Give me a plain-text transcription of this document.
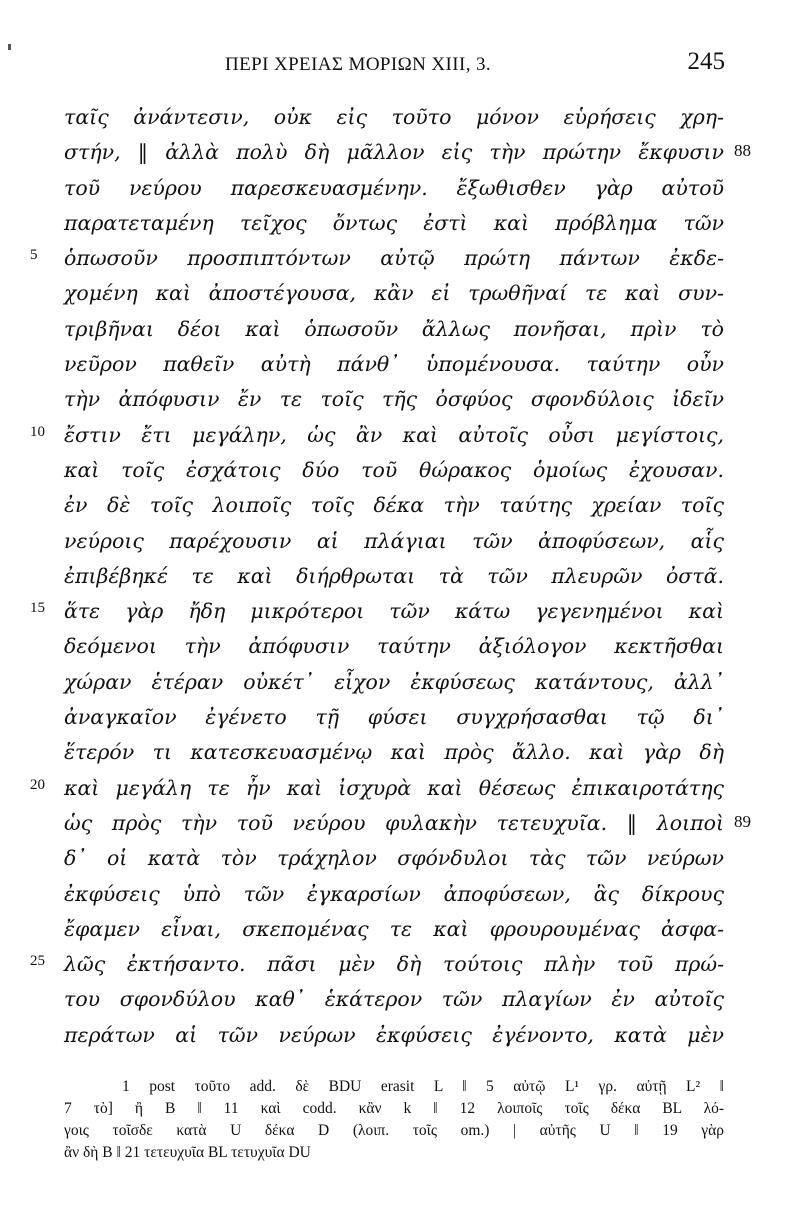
ΠΕΡΙ ΧΡΕΙΑΣ ΜΟΡΙΩΝ XIII, 3.	245
ταῖς ἀνάντεσιν, οὐκ εἰς τοῦτο μόνον εὑρήσεις χρη-
στήν, ‖ ἀλλὰ πολὺ δὴ μᾶλλον εἰς τὴν πρώτην ἔκφυσιν 88
τοῦ νεύρου παρεσκευασμένην. ἔξωθισθεν γὰρ αὐτοῦ
παρατεταμένη τεῖχος ὄντως ἐστὶ καὶ πρόβλημα τῶν
5	ὁπωσοῦν προσπιπτόντων αὐτῷ πρώτη πάντων ἐκδε-
χομένη καὶ ἀποστέγουσα, κἂν εἰ τρωθῆναί τε καὶ συν-
τριβῆναι δέοι καὶ ὁπωσοῦν ἄλλως πονῆσαι, πρὶν τὸ
νεῦρον παθεῖν αὐτὴ πάνθ᾽ ὑπομένουσα. ταύτην οὖν
τὴν ἀπόφυσιν ἔν τε τοῖς τῆς ὀσφύος σφονδύλοις ἰδεῖν
10 ἔστιν ἔτι μεγάλην, ὡς ἂν καὶ αὐτοῖς οὖσι μεγίστοις,
καὶ τοῖς ἐσχάτοις δύο τοῦ θώρακος ὁμοίως ἐχουσαν.
ἐν δὲ τοῖς λοιποῖς τοῖς δέκα τὴν ταύτης χρείαν τοῖς
νεύροις παρέχουσιν αἱ πλάγιαι τῶν ἀποφύσεων, αἷς
ἐπιβέβηκέ τε καὶ διήρθρωται τὰ τῶν πλευρῶν ὀστᾶ.
15 ἅτε γὰρ ἤδη μικρότεροι τῶν κάτω γεγενημένοι καὶ
δεόμενοι τὴν ἀπόφυσιν ταύτην ἀξιόλογον κεκτῆσθαι
χώραν ἑτέραν οὐκέτ᾽ εἶχον ἐκφύσεως κατάντους, ἀλλ᾽
ἀναγκαῖον ἐγένετο τῇ φύσει συγχρήσασθαι τῷ δι᾽
ἕτερόν τι κατεσκευασμένῳ καὶ πρὸς ἄλλο. καὶ γὰρ δὴ
20 καὶ μεγάλη τε ἦν καὶ ἰσχυρὰ καὶ θέσεως ἐπικαιροτάτης
ὡς πρὸς τὴν τοῦ νεύρου φυλακὴν τετευχυῖα. ‖ λοιποὶ 89
δ᾽ οἱ κατὰ τὸν τράχηλον σφόνδυλοι τὰς τῶν νεύρων
ἐκφύσεις ὑπὸ τῶν ἐγκαρσίων ἀποφύσεων, ἃς δίκρους
ἔφαμεν εἶναι, σκεπομένας τε καὶ φρουρουμένας ἀσφα-
25 λῶς ἐκτήσαντο. πᾶσι μὲν δὴ τούτοις πλὴν τοῦ πρώ-
του σφονδύλου καθ᾽ ἑκάτερον τῶν πλαγίων ἐν αὐτοῖς
περάτων αἱ τῶν νεύρων ἐκφύσεις ἐγένοντο, κατὰ μὲν
1 post τοῦτο add. δὲ BDU erasit L ‖ 5 αὐτῷ L¹ γρ. αὐτῇ L² ‖
7 τὸ] ἢ B ‖ 11 καὶ codd. κἂν k ‖ 12 λοιποῖς τοῖς δέκα BL λό-
γοις τοῖσδε κατὰ U δέκα D (λοιπ. τοῖς om.) | αὐτῆς U ‖ 19 γὰρ
ἂν δὴ B ‖ 21 τετευχυῖα BL τετυχυῖα DU
